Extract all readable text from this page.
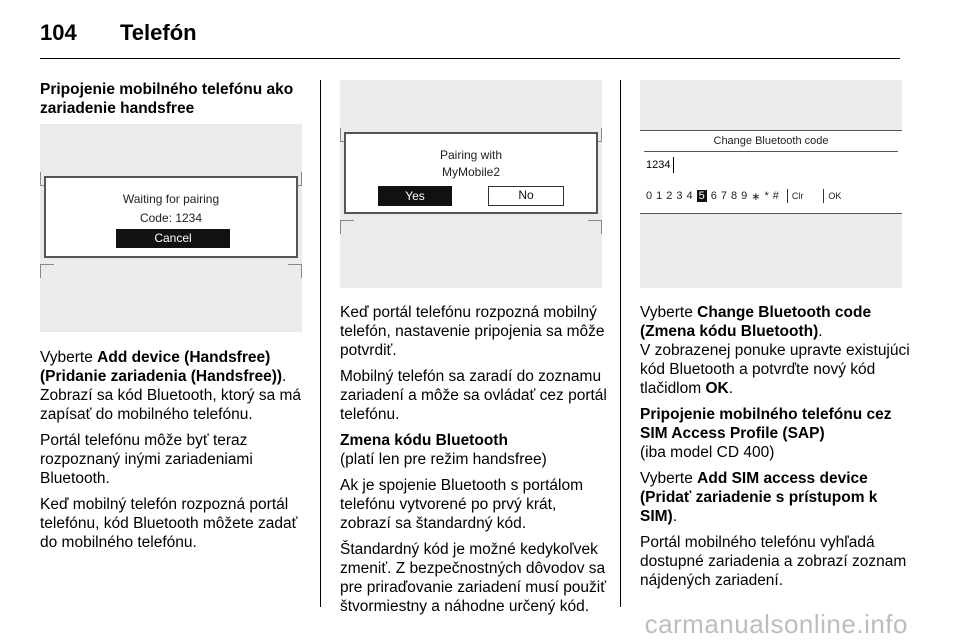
104	Telefón
Pripojenie mobilného telefónu ako zariadenie handsfree
Waiting for pairing
Code: 1234
Cancel

Vyberte Add device (Handsfree) (Pridanie zariadenia (Handsfree)). Zobrazí sa kód Bluetooth, ktorý sa má zapísať do mobilného telefónu.

Portál telefónu môže byť teraz rozpoznaný inými zariadeniami Bluetooth.

Keď mobilný telefón rozpozná portál telefónu, kód Bluetooth môžete zadať do mobilného telefónu.

Pairing with
MyMobile2
Yes	No

Keď portál telefónu rozpozná mobilný telefón, nastavenie pripojenia sa môže potvrdiť.

Mobilný telefón sa zaradí do zoznamu zariadení a môže sa ovládať cez portál telefónu.

Zmena kódu Bluetooth

(platí len pre režim handsfree)

Ak je spojenie Bluetooth s portálom telefónu vytvorené po prvý krát, zobrazí sa štandardný kód.

Štandardný kód je možné kedykoľvek zmeniť. Z bezpečnostných dôvodov sa pre priraďovanie zariadení musí použiť štvormiestny a náhodne určený kód.

Change Bluetooth code
1234
0 1 2 3 4 5 6 7 8 9 ∗ * # Clr	OK

Vyberte Change Bluetooth code (Zmena kódu Bluetooth).
V zobrazenej ponuke upravte existujúci kód Bluetooth a potvrďte nový kód tlačidlom OK.

Pripojenie mobilného telefónu cez SIM Access Profile (SAP)

(iba model CD 400)

Vyberte Add SIM access device (Pridať zariadenie s prístupom k SIM).

Portál mobilného telefónu vyhľadá dostupné zariadenia a zobrazí zoznam nájdených zariadení.

carmanualsonline.info
